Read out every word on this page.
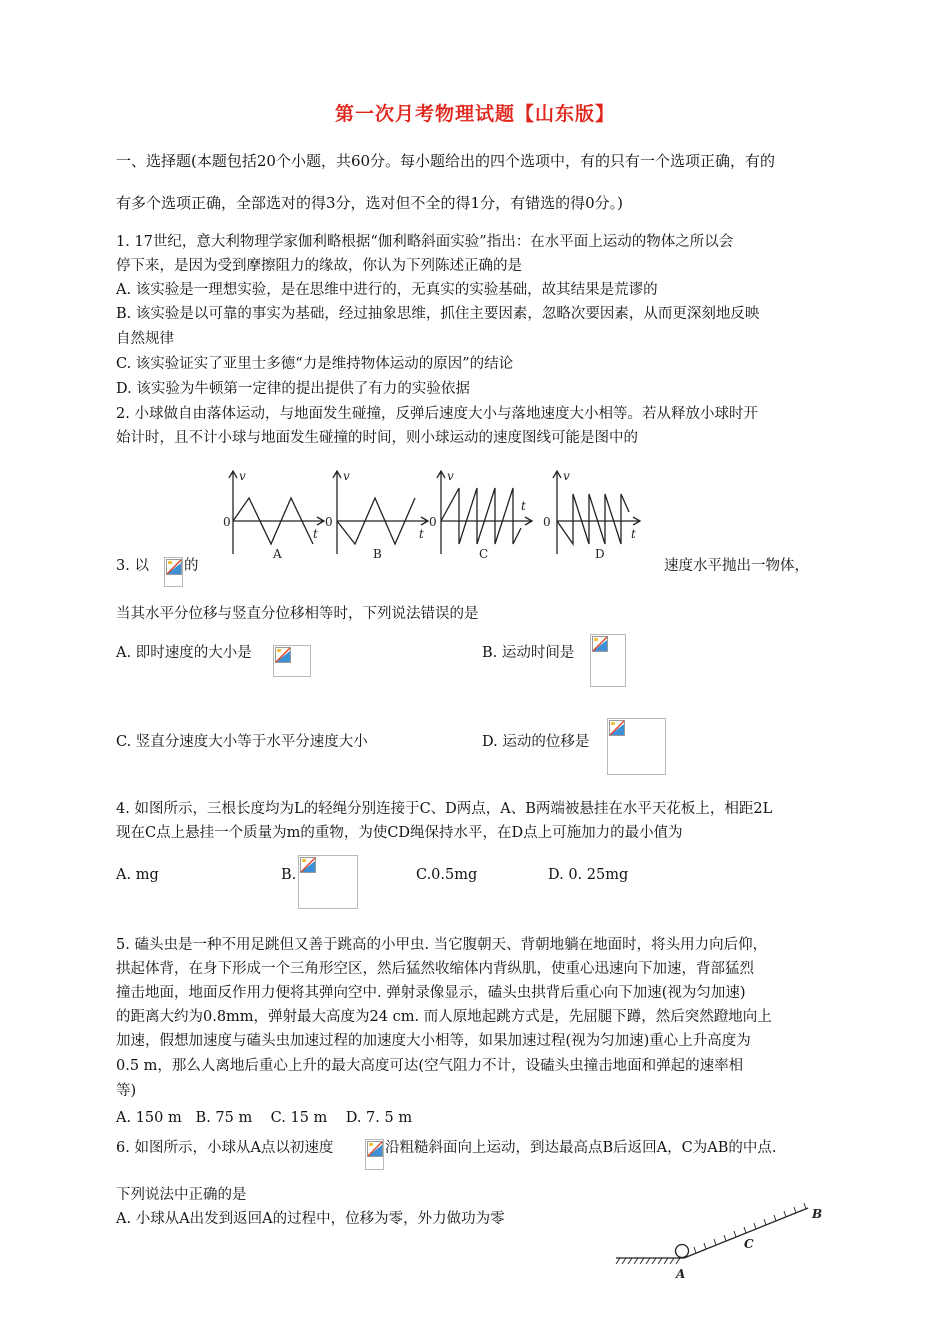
第一次月考物理试题【山东版】
一、选择题(本题包括20个小题，共60分。每小题给出的四个选项中，有的只有一个选项正确，有的
有多个选项正确，全部选对的得3分，选对但不全的得1分，有错选的得0分。)
1. 17世纪，意大利物理学家伽利略根据“伽利略斜面实验”指出：在水平面上运动的物体之所以会
停下来，是因为受到摩擦阻力的缘故，你认为下列陈述正确的是
A. 该实验是一理想实验，是在思维中进行的，无真实的实验基础，故其结果是荒谬的
B. 该实验是以可靠的事实为基础，经过抽象思维，抓住主要因素，忽略次要因素，从而更深刻地反映
自然规律
C. 该实验证实了亚里士多德“力是维持物体运动的原因”的结论
D. 该实验为牛顿第一定律的提出提供了有力的实验依据
2. 小球做自由落体运动，与地面发生碰撞，反弹后速度大小与落地速度大小相等。若从释放小球时开
始计时，且不计小球与地面发生碰撞的时间，则小球运动的速度图线可能是图中的
v
0
t
A
v
0
t
B
v
0
t
C
v
0
t
D
3. 以 的	速度水平抛出一物体，
当其水平分位移与竖直分位移相等时，下列说法错误的是
A. 即时速度的大小是	B. 运动时间是
C. 竖直分速度大小等于水平分速度大小	D. 运动的位移是
4. 如图所示，三根长度均为L的轻绳分别连接于C、D两点，A、B两端被悬挂在水平天花板上，相距2L
现在C点上悬挂一个质量为m的重物，为使CD绳保持水平，在D点上可施加力的最小值为
A. mg	B.	C.0.5mg	D. 0. 25mg
5. 磕头虫是一种不用足跳但又善于跳高的小甲虫. 当它腹朝天、背朝地躺在地面时，将头用力向后仰，
拱起体背，在身下形成一个三角形空区，然后猛然收缩体内背纵肌，使重心迅速向下加速，背部猛烈
撞击地面，地面反作用力便将其弹向空中. 弹射录像显示，磕头虫拱背后重心向下加速(视为匀加速)
的距离大约为0.8mm，弹射最大高度为24 cm. 而人原地起跳方式是，先屈腿下蹲，然后突然蹬地向上
加速，假想加速度与磕头虫加速过程的加速度大小相等，如果加速过程(视为匀加速)重心上升高度为
0.5 m，那么人离地后重心上升的最大高度可达(空气阻力不计，设磕头虫撞击地面和弹起的速率相
等)
A. 150 m   B. 75 m    C. 15 m    D. 7. 5 m
6. 如图所示，小球从A点以初速度	沿粗糙斜面向上运动，到达最高点B后返回A，C为AB的中点.
下列说法中正确的是
A. 小球从A出发到返回A的过程中，位移为零，外力做功为零
A
C
B
